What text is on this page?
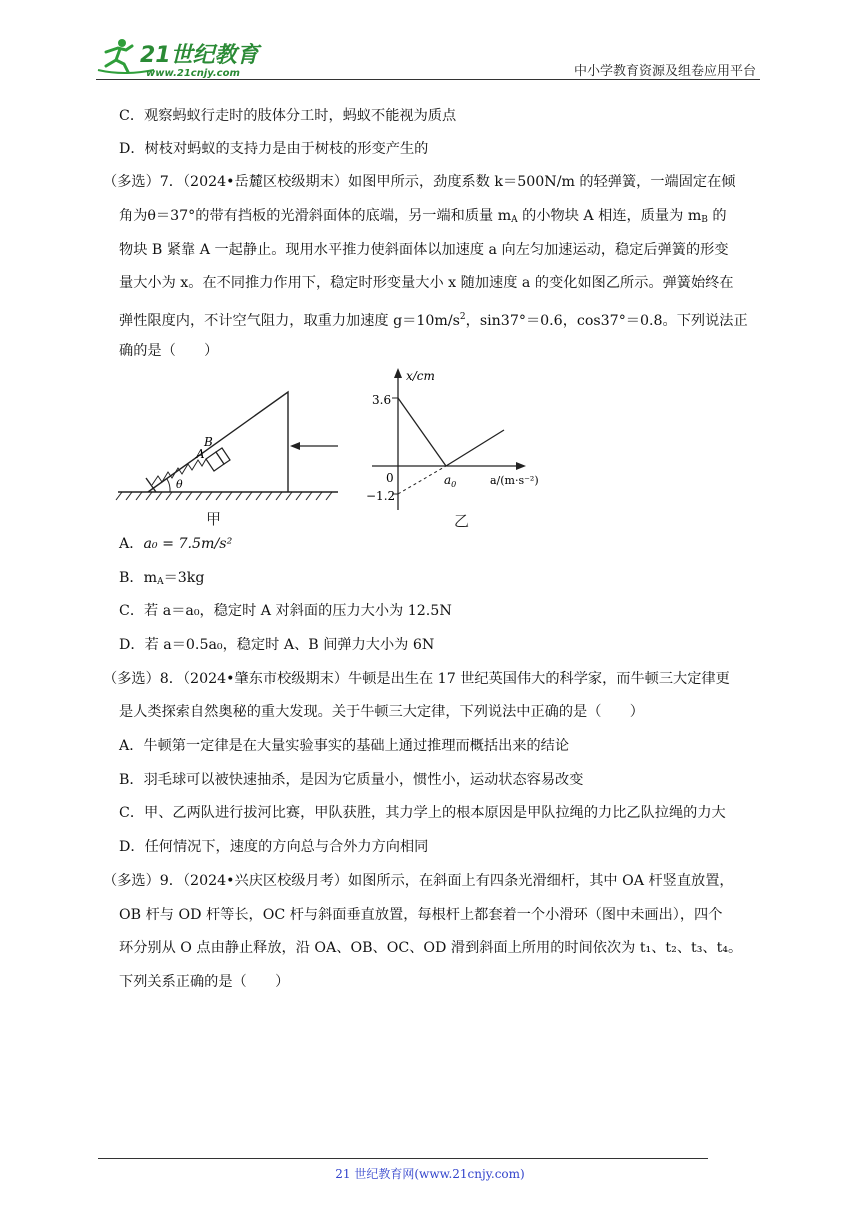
21世纪教育
www.21cnjy.com	中小学教育资源及组卷应用平台
C．观察蚂蚁行走时的肢体分工时，蚂蚁不能视为质点
D．树枝对蚂蚁的支持力是由于树枝的形变产生的
（多选）7．（2024•岳麓区校级期末）如图甲所示，劲度系数 k＝500N/m 的轻弹簧，一端固定在倾
角为θ＝37°的带有挡板的光滑斜面体的底端，另一端和质量 $m_A$ 的小物块 A 相连，质量为 $m_B$ 的
物块 B 紧靠 A 一起静止。现用水平推力使斜面体以加速度 a 向左匀加速运动，稳定后弹簧的形变
量大小为 x。在不同推力作用下，稳定时形变量大小 x 随加速度 a 的变化如图乙所示。弹簧始终在
弹性限度内，不计空气阻力，取重力加速度 $g=10m/s^2$，sin37°＝0.6，cos37°＝0.8。下列说法正
确的是（　　）
A
B
θ
甲
x/cm
3.6
0
−1.2
$a_0$	a/(m·s⁻²)
乙
A．a₀ = 7.5m/s²
B．$m_A=3kg$
C．若 a＝a₀，稳定时 A 对斜面的压力大小为 12.5N
D．若 a＝0.5a₀，稳定时 A、B 间弹力大小为 6N
（多选）8．（2024•肇东市校级期末）牛顿是出生在 17 世纪英国伟大的科学家，而牛顿三大定律更
是人类探索自然奥秘的重大发现。关于牛顿三大定律，下列说法中正确的是（　　）
A．牛顿第一定律是在大量实验事实的基础上通过推理而概括出来的结论
B．羽毛球可以被快速抽杀，是因为它质量小，惯性小，运动状态容易改变
C．甲、乙两队进行拔河比赛，甲队获胜，其力学上的根本原因是甲队拉绳的力比乙队拉绳的力大
D．任何情况下，速度的方向总与合外力方向相同
（多选）9．（2024•兴庆区校级月考）如图所示，在斜面上有四条光滑细杆，其中 OA 杆竖直放置，
OB 杆与 OD 杆等长，OC 杆与斜面垂直放置，每根杆上都套着一个小滑环（图中未画出），四个
环分别从 O 点由静止释放，沿 OA、OB、OC、OD 滑到斜面上所用的时间依次为 t₁、t₂、t₃、t₄。
下列关系正确的是（　　）
21 世纪教育网(www.21cnjy.com)
